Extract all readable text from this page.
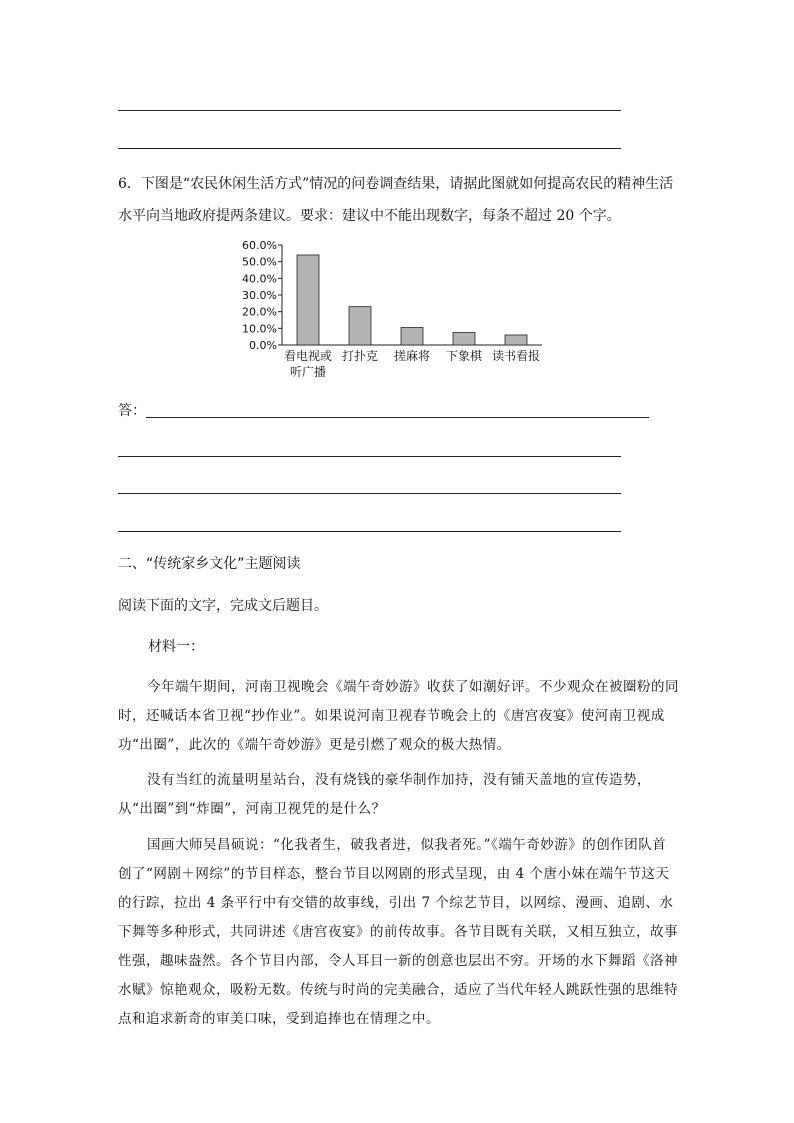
6．下图是“农民休闲生活方式”情况的问卷调查结果，请据此图就如何提高农民的精神生活

水平向当地政府提两条建议。要求：建议中不能出现数字，每条不超过 20 个字。

0.0%
10.0%
20.0%
30.0%
40.0%
50.0%
60.0%
看电视或
听广播
打扑克 搓麻将 下象棋 读书看报
答：
二、“传统家乡文化”主题阅读
阅读下面的文字，完成文后题目。
材料一：

今年端午期间，河南卫视晚会《端午奇妙游》收获了如潮好评。不少观众在被圈粉的同时，还喊话本省卫视“抄作业”。如果说河南卫视春节晚会上的《唐宫夜宴》使河南卫视成功“出圈”，此次的《端午奇妙游》更是引燃了观众的极大热情。

没有当红的流量明星站台，没有烧钱的豪华制作加持，没有铺天盖地的宣传造势，从“出圈”到“炸圈”，河南卫视凭的是什么？

国画大师吴昌硕说：“化我者生，破我者进，似我者死。”《端午奇妙游》的创作团队首创了“网剧＋网综”的节目样态，整台节目以网剧的形式呈现，由 4 个唐小妹在端午节这天的行踪，拉出 4 条平行中有交错的故事线，引出 7 个综艺节目，以网综、漫画、追剧、水下舞等多种形式，共同讲述《唐宫夜宴》的前传故事。各节目既有关联，又相互独立，故事性强，趣味盎然。各个节目内部，令人耳目一新的创意也层出不穷。开场的水下舞蹈《洛神水赋》惊艳观众，吸粉无数。传统与时尚的完美融合，适应了当代年轻人跳跃性强的思维特点和追求新奇的审美口味，受到追捧也在情理之中。
